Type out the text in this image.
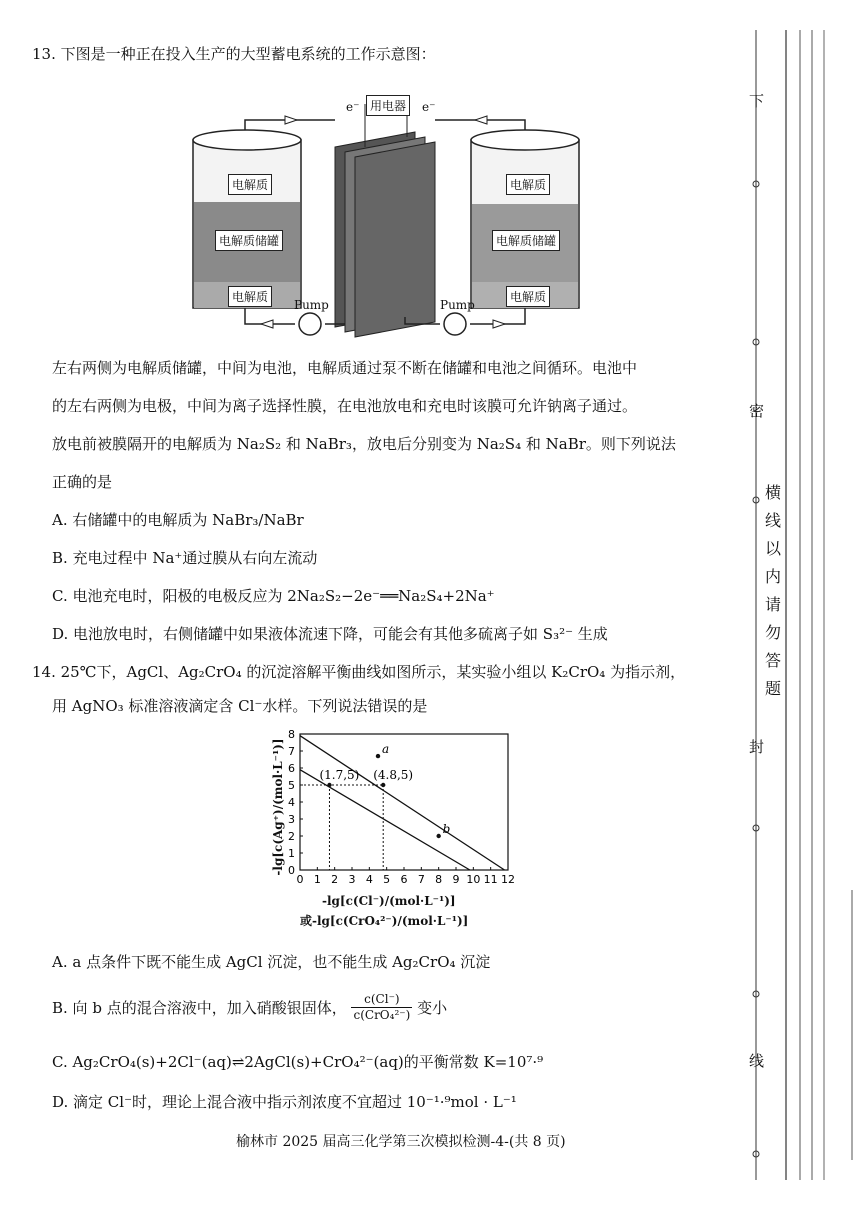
13. 下图是一种正在投入生产的大型蓄电系统的工作示意图：
用电器
e⁻	e⁻
电解质
电解质储罐
电解质
电解质
电解质储罐
电解质
Pump	Pump
左右两侧为电解质储罐，中间为电池，电解质通过泵不断在储罐和电池之间循环。电池中
的左右两侧为电极，中间为离子选择性膜，在电池放电和充电时该膜可允许钠离子通过。
放电前被膜隔开的电解质为 Na₂S₂ 和 NaBr₃，放电后分别变为 Na₂S₄ 和 NaBr。则下列说法
正确的是
A. 右储罐中的电解质为 NaBr₃/NaBr
B. 充电过程中 Na⁺通过膜从右向左流动
C. 电池充电时，阳极的电极反应为 2Na₂S₂−2e⁻══Na₂S₄+2Na⁺
D. 电池放电时，右侧储罐中如果液体流速下降，可能会有其他多硫离子如 S₃²⁻ 生成
14. 25℃下，AgCl、Ag₂CrO₄ 的沉淀溶解平衡曲线如图所示，某实验小组以 K₂CrO₄ 为指示剂，
用 AgNO₃ 标准溶液滴定含 Cl⁻水样。下列说法错误的是
0 1 2 3 4 5 6 7 8 9 10 11 12
0
1
2
3
4
5
6
7
8
a
b
(1.7,5) (4.8,5)
-lg[c(Ag⁺)/(mol·L⁻¹)]
-lg[c(Cl⁻)/(mol·L⁻¹)]
或-lg[c(CrO₄²⁻)/(mol·L⁻¹)]
A. a 点条件下既不能生成 AgCl 沉淀，也不能生成 Ag₂CrO₄ 沉淀
B. 向 b 点的混合溶液中，加入硝酸银固体，	c(Cl⁻)
c(CrO₄²⁻) 变小
C. Ag₂CrO₄(s)+2Cl⁻(aq)⇌2AgCl(s)+CrO₄²⁻(aq)的平衡常数 K=10⁷·⁹
D. 滴定 Cl⁻时，理论上混合液中指示剂浓度不宜超过 10⁻¹·⁹mol · L⁻¹
榆林市 2025 届高三化学第三次模拟检测-4-(共 8 页)
横
线
以
内
请
勿
答
题
下
密
封
线
